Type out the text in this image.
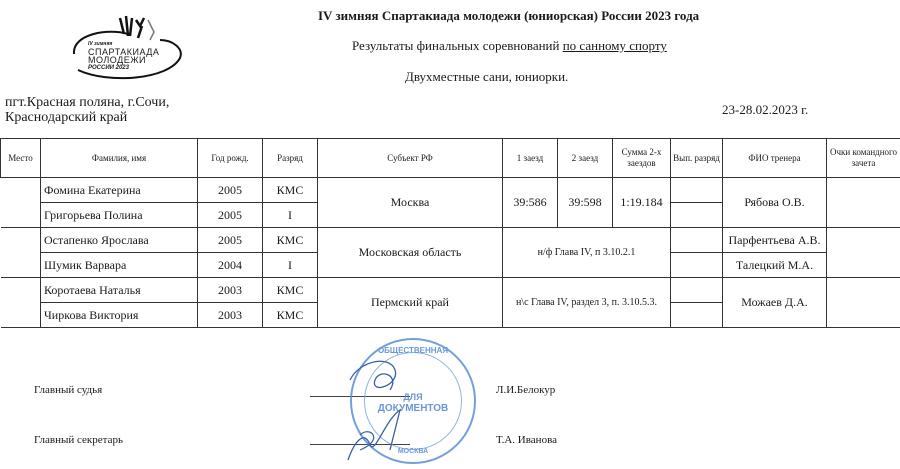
IV зимняя
СПАРТАКИАДА
МОЛОДЕЖИ
РОССИИ 2023
IV зимняя Спартакиада молодежи (юниорская) России 2023 года
Результаты финальных соревнований по санному спорту
Двухместные сани, юниорки.
пгт.Красная поляна, г.Сочи,
Краснодарский край
23-28.02.2023 г.
Место	Фамилия, имя	Год рожд.	Разряд	Субъект РФ	1 заезд	2 заезд	Сумма 2-х заездов	Вып. разряд	ФИО тренера	Очки командного зачета
	Фомина Екатерина	2005	КМС	Москва	39:586	39:598	1:19.184		Рябова О.В.	
	Григорьева Полина	2005	I							
	Остапенко Ярослава	2005	КМС	Московская область	н/ф Глава IV, п 3.10.2.1				Парфентьева А.В.	
	Шумик Варвара	2004	I						Талецкий М.А.	
	Коротаева Наталья	2003	КМС	Пермский край	н\с Глава IV, раздел 3, п. 3.10.5.3.				Можаев Д.А.	
	Чиркова Виктория	2003	КМС							
Главный судья	Л.И.Белокур
Главный секретарь	Т.А. Иванова
ОБЩЕСТВЕННАЯ
ДЛЯ
ДОКУМЕНТОВ
МОСКВА
